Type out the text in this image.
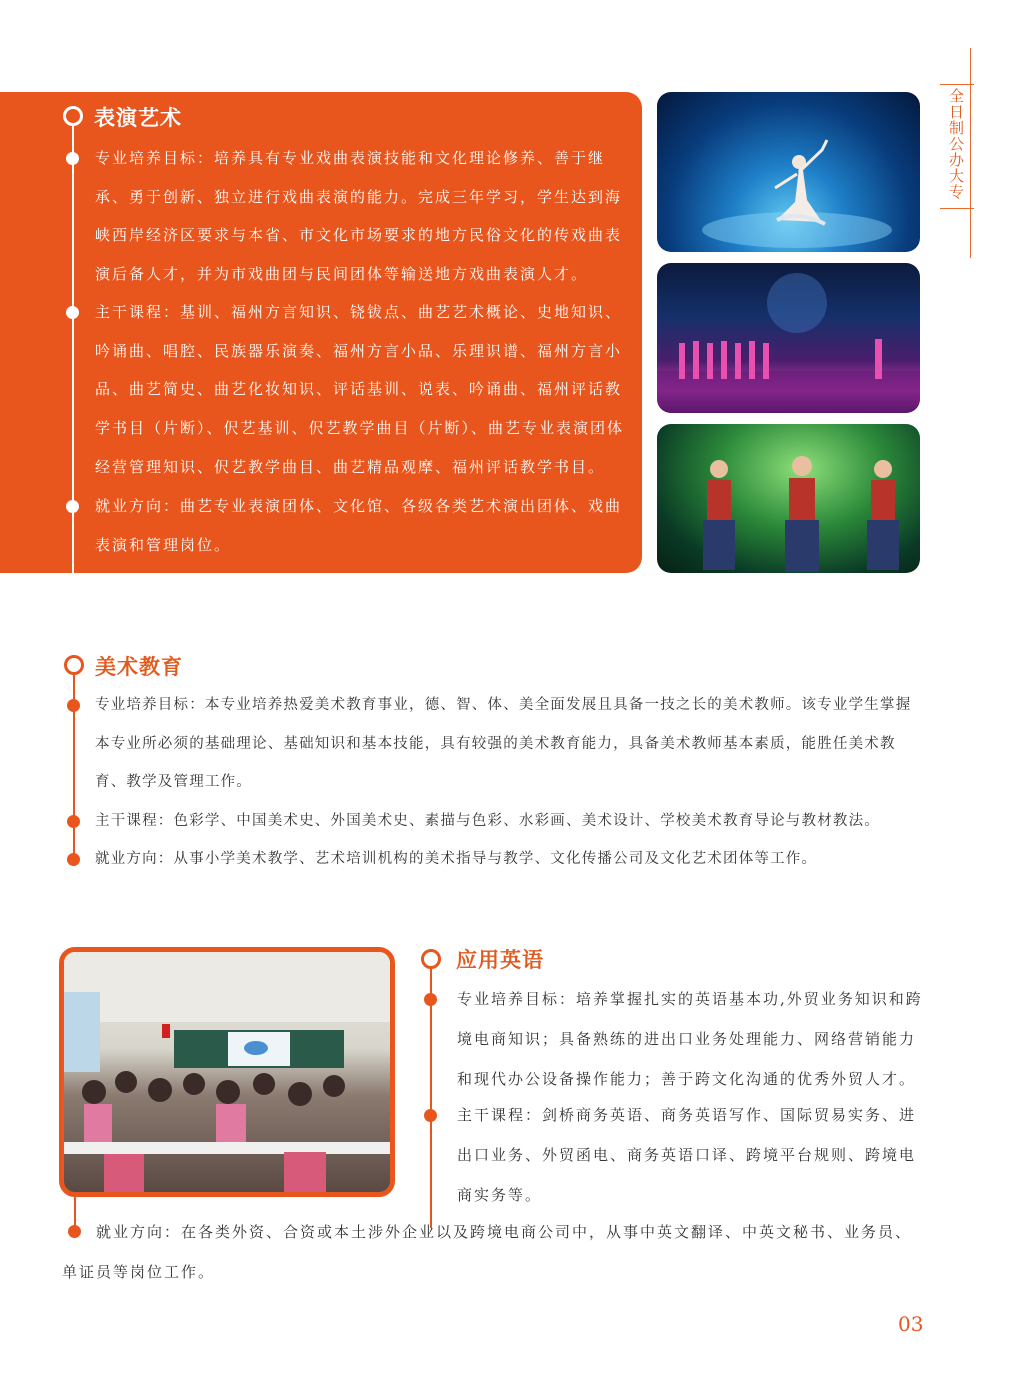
全日制公办大专
表演艺术
专业培养目标：培养具有专业戏曲表演技能和文化理论修养、善于继承、勇于创新、独立进行戏曲表演的能力。完成三年学习，学生达到海峡西岸经济区要求与本省、市文化市场要求的地方民俗文化的传戏曲表演后备人才，并为市戏曲团与民间团体等输送地方戏曲表演人才。
主干课程：基训、福州方言知识、铙钹点、曲艺艺术概论、史地知识、吟诵曲、唱腔、民族器乐演奏、福州方言小品、乐理识谱、福州方言小品、曲艺简史、曲艺化妆知识、评话基训、说表、吟诵曲、福州评话教学书目（片断）、伬艺基训、伬艺教学曲目（片断）、曲艺专业表演团体经营管理知识、伬艺教学曲目、曲艺精品观摩、福州评话教学书目。
就业方向：曲艺专业表演团体、文化馆、各级各类艺术演出团体、戏曲表演和管理岗位。
美术教育
专业培养目标：本专业培养热爱美术教育事业，德、智、体、美全面发展且具备一技之长的美术教师。该专业学生掌握本专业所必须的基础理论、基础知识和基本技能，具有较强的美术教育能力，具备美术教师基本素质，能胜任美术教育、教学及管理工作。
主干课程：色彩学、中国美术史、外国美术史、素描与色彩、水彩画、美术设计、学校美术教育导论与教材教法。
就业方向：从事小学美术教学、艺术培训机构的美术指导与教学、文化传播公司及文化艺术团体等工作。
应用英语
专业培养目标：培养掌握扎实的英语基本功,外贸业务知识和跨境电商知识；具备熟练的进出口业务处理能力、网络营销能力和现代办公设备操作能力；善于跨文化沟通的优秀外贸人才。
主干课程：剑桥商务英语、商务英语写作、国际贸易实务、进出口业务、外贸函电、商务英语口译、跨境平台规则、跨境电商实务等。
就业方向：在各类外资、合资或本土涉外企业以及跨境电商公司中，从事中英文翻译、中英文秘书、业务员、单证员等岗位工作。
03
